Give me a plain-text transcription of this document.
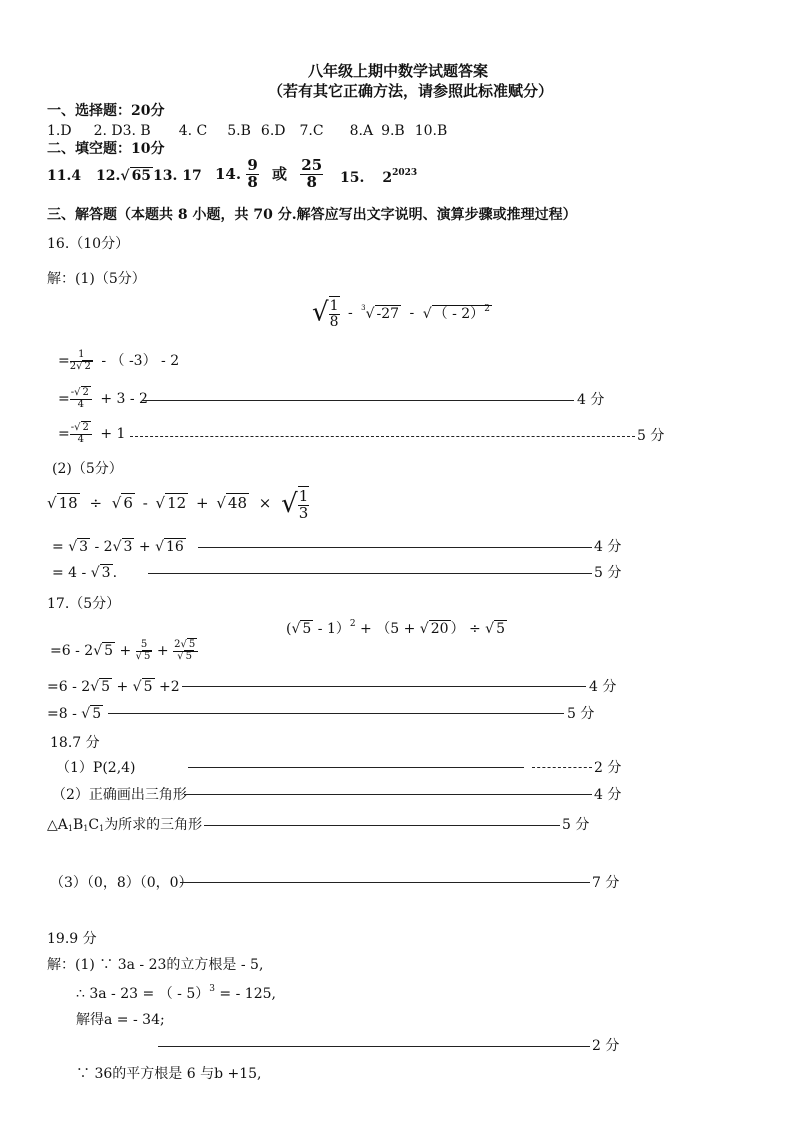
八年级上期中数学试题答案
（若有其它正确方法，请参照此标准赋分）
一、选择题：20分
1.D 2. D3. B 4. C 5.B 6.D 7.C 8.A 9.B 10.B
二、填空题：10分
11.4 12.√ 65 13. 17 14. $\frac{9}{8}$ 或 $\frac{25}{8} 15$. $2^{2023}$
三、解答题（本题共 8 小题，共 70 分.解答应写出文字说明、演算步骤或推理过程）
16.（10分）
解：(1)（5分）
√ $\frac{1}{8} - ^3√$ -27 - √ （ - 2）$^2$
= $\frac{1}{2√ 2}$ - （ -3） - 2
= $\frac{-√ 2}{4} + 3 - 2$	4 分
= $\frac{-√ 2}{4} + 1$	5 分
(2)（5分）
√ 18 ÷ √ 6 - √ 12 + √ 48 × √ $\frac{1}{3}$
= √ 3 - 2√ 3 + √ 16	4 分
= 4 - √ 3 .	5 分
17.（5分）
(√ 5 - 1）$^2$ + （5 + √ 20 ） ÷ √ 5
=6 - 2√ $5 + \frac{5}{√ 5} + \frac{2√ 5}{√ 5}$
=6 - 2√ 5 + √ 5 +2	4 分
=8 - √ 5	5 分
18.7 分
（1）P(2,4)	2 分
（2）正确画出三角形	4 分
$\triangle A_1B_1C_1$为所求的三角形	5 分
（3）（0，8）（0，0）	7 分
19.9 分
解：(1) ∵ 3a - 23的立方根是 - 5,
∴ 3a - 23 = （ - 5）$^3$ = - 125,
解得a = - 34;
2 分
∵ 36的平方根是 6 与b +15,
